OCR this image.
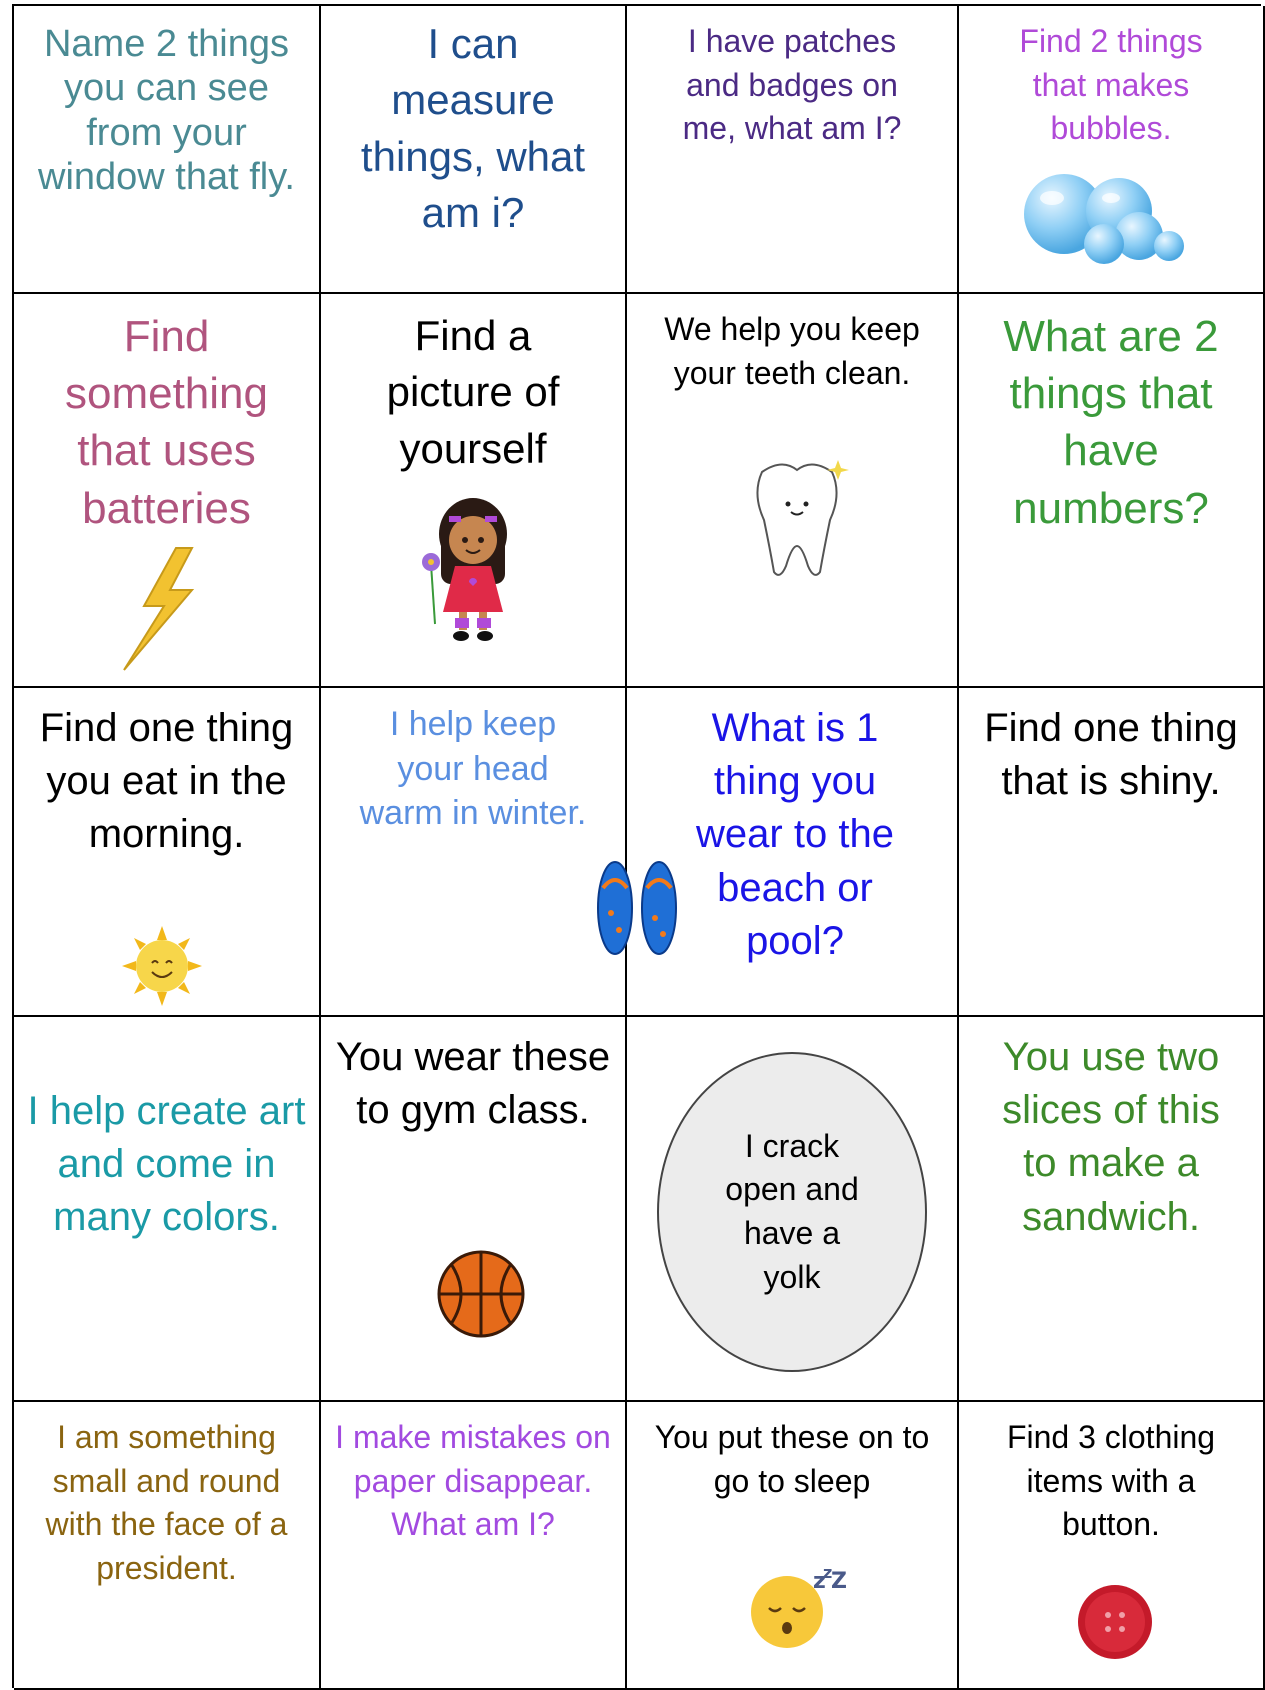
Name 2 things you can see from your window that fly.
I can measure things, what am i?
I have patches and badges on me, what am I?
Find 2 things that makes bubbles.
Find something that uses batteries
Find a picture of yourself
We help you keep your teeth clean.
What are 2 things that have numbers?
Find one thing you eat in the morning.
I help keep your head warm in winter.
What is 1 thing you wear to the beach or pool?
Find one thing that is shiny.
I help create art and come in many colors.
You wear these to gym class.
I crack open and have a yolk
You use two slices of this to make a sandwich.
I am something small and round with the face of a president.
I make mistakes on paper disappear. What am I?
You put these on to go to sleep
z
z
Z
Find 3 clothing items with a button.
